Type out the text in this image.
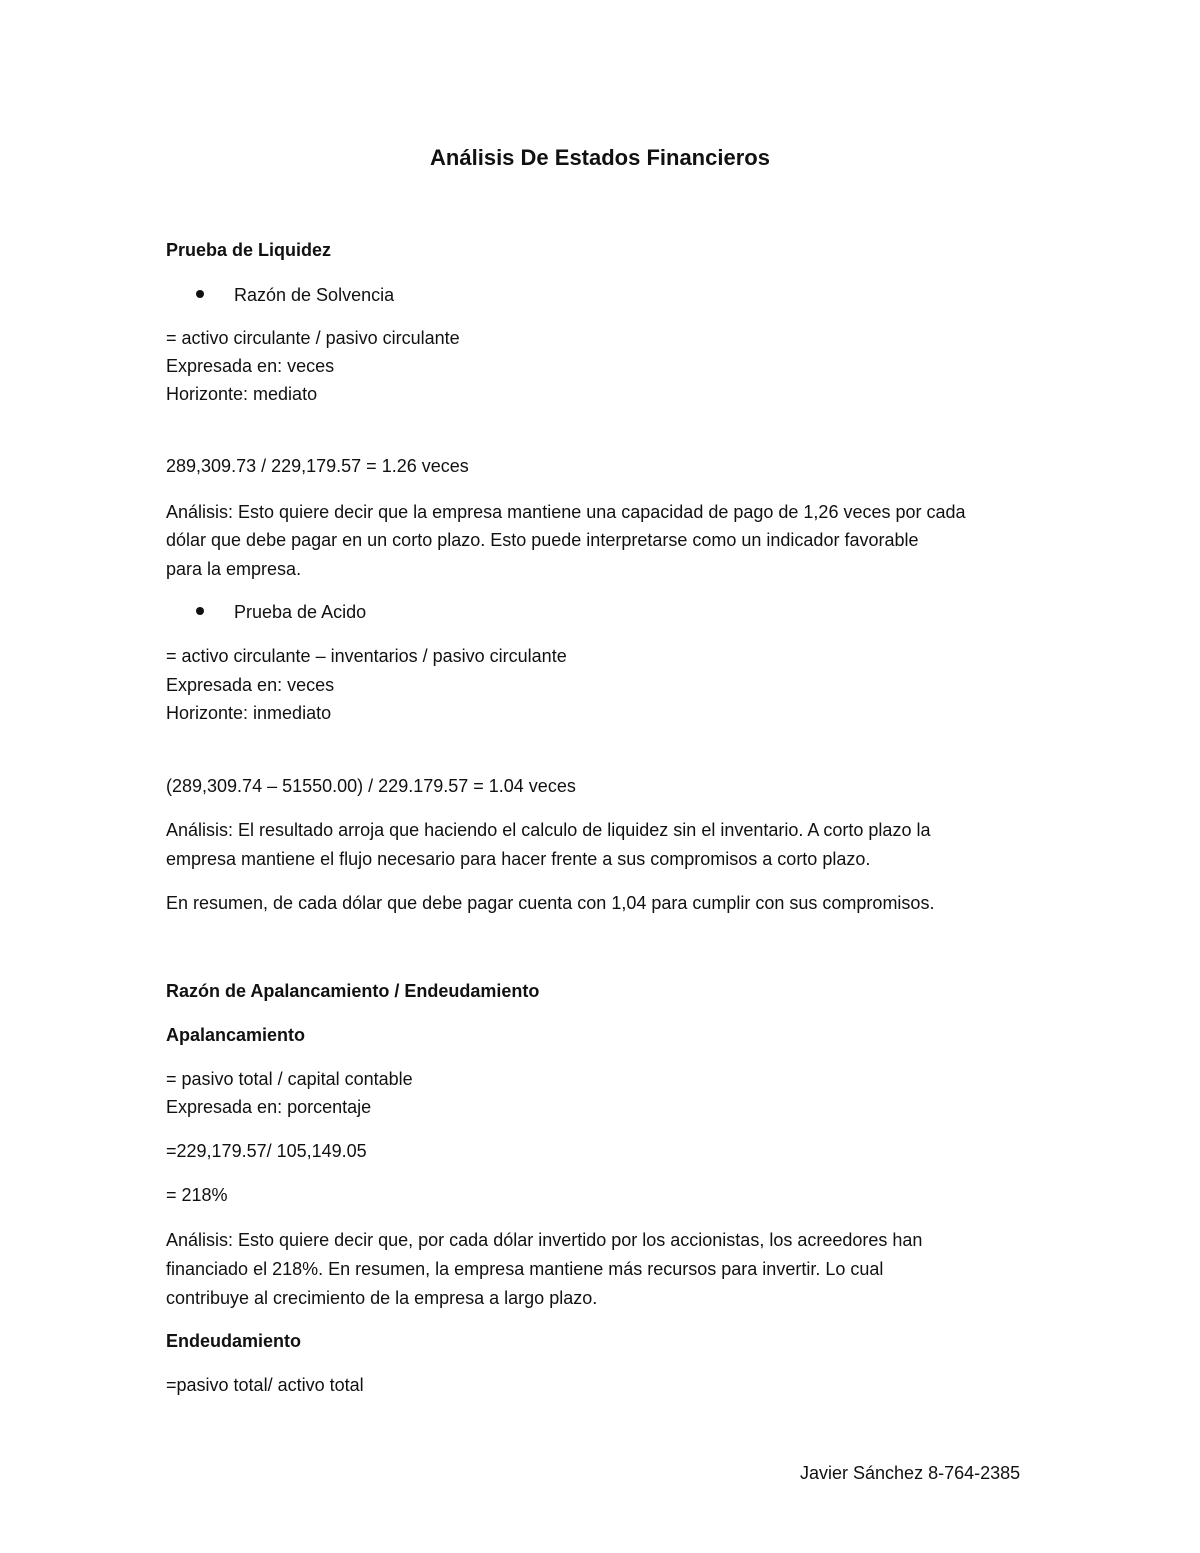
Análisis De Estados Financieros
Prueba de Liquidez
Razón de Solvencia
= activo circulante / pasivo circulante
Expresada en: veces
Horizonte: mediato
289,309.73 / 229,179.57 = 1.26 veces
Análisis: Esto quiere decir que la empresa mantiene una capacidad de pago de 1,26 veces por cada
dólar que debe pagar en un corto plazo. Esto puede interpretarse como un indicador favorable
para la empresa.
Prueba de Acido
= activo circulante – inventarios / pasivo circulante
Expresada en: veces
Horizonte: inmediato
(289,309.74 – 51550.00) / 229.179.57 = 1.04 veces
Análisis: El resultado arroja que haciendo el calculo de liquidez sin el inventario. A corto plazo la
empresa mantiene el flujo necesario para hacer frente a sus compromisos a corto plazo.
En resumen, de cada dólar que debe pagar cuenta con 1,04 para cumplir con sus compromisos.
Razón de Apalancamiento / Endeudamiento
Apalancamiento
= pasivo total / capital contable
Expresada en: porcentaje
=229,179.57/ 105,149.05
= 218%
Análisis: Esto quiere decir que, por cada dólar invertido por los accionistas, los acreedores han
financiado el 218%. En resumen, la empresa mantiene más recursos para invertir. Lo cual
contribuye al crecimiento de la empresa a largo plazo.
Endeudamiento
=pasivo total/ activo total
Javier Sánchez 8-764-2385
